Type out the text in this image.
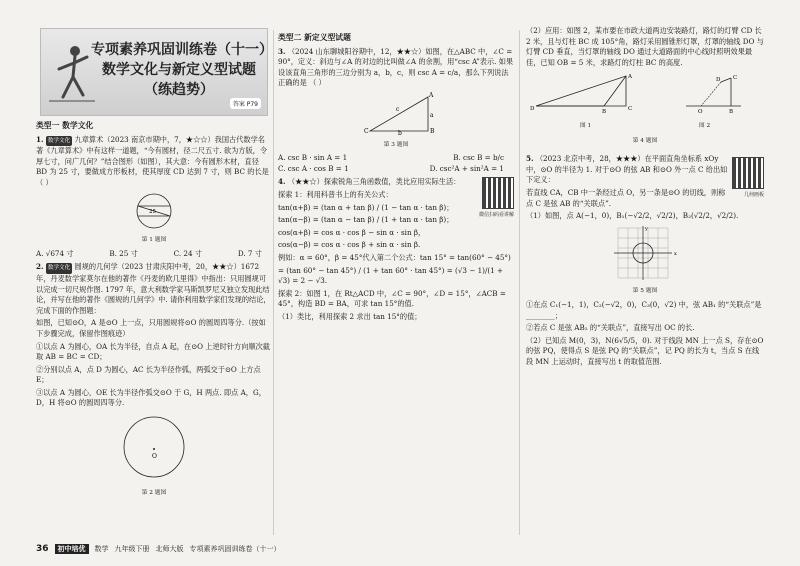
专项素养巩固训练卷（十一）
数学文化与新定义型试题
（练趋势）
答案 P79
类型一 数学文化

1. 数学文化 九章算术（2023 南京市期中，7，★☆☆）我国古代数学名著《九章算术》中有这样一道题，“今有圆材，径二尺五寸. 欲为方版，令厚七寸，问广几何？”结合图形（如图），其大意：今有圆形木材，直径 BD 为 25 寸，要做成方形板材，使其厚度 CD 达到 7 寸，则 BC 的长是 （ ）

25
第 1 题图
A. √674 寸	B. 25 寸	C. 24 寸	D. 7 寸

2. 数学文化 圆规的几何学（2023 甘肃庆阳中考，20，★★☆）1672 年，丹麦数学家莫尔在他的著作《丹麦的欧几里得》中指出：只用圆规可以完成一切尺规作图. 1797 年，意大利数学家马斯凯罗尼又独立发现此结论，并写在他的著作《圆规的几何学》中. 请你利用数学家们发现的结论，完成下面的作图题：

如图，已知⊙O，A 是⊙O 上一点，只用圆规将⊙O 的圆周四等分.（按如下步骤完成，保留作图痕迹）

①以点 A 为圆心，OA 长为半径，自点 A 起，在⊙O 上逆时针方向顺次截取 AB = BC = CD；

②分别以点 A，点 D 为圆心，AC 长为半径作弧，两弧交于⊙O 上方点 E；

③以点 A 为圆心，OE 长为半径作弧交⊙O 于 G，H 两点. 即点 A，G，D，H 将⊙O 的圆周四等分.

O
第 2 题图
类型二 新定义型试题

3. （2024 山东聊城阳谷期中，12，★★☆）如图，在△ABC 中，∠C = 90°，定义：斜边与∠A 的对边的比叫做∠A 的余割，用“csc A”表示. 如果设该直角三角形的三边分别为 a，b，c，则 csc A = c/a，那么下列说法正确的是 （ ）

C	B
A
c
a
b
第 3 题图
A. csc B · sin A = 1	B. csc B = b/c
C. csc A · cos B = 1	D. csc²A + sin²A = 1
微信扫码看讲解

4. （★★☆）探索锐角三角函数值，类比应用实际生活：

探索 1：利用科普书上的有关公式：

tan(α+β) = (tan α + tan β) / (1 − tan α · tan β)；

tan(α−β) = (tan α − tan β) / (1 + tan α · tan β)；

cos(α+β) = cos α · cos β − sin α · sin β，

cos(α−β) = cos α · cos β + sin α · sin β.

例如：α = 60°，β = 45°代入第二个公式：tan 15° = tan(60° − 45°)

= (tan 60° − tan 45°) / (1 + tan 60° · tan 45°) = (√3 − 1)/(1 + √3) = 2 − √3.

探索 2：如图 1，在 Rt△ACD 中，∠C = 90°，∠D = 15°，∠ACB = 45°，构造 BD = BA，可求 tan 15°的值.

（1）类比，利用探索 2 求出 tan 15°的值；

（2）应用：如图 2，某市要在市政大道两边安装路灯，路灯的灯臂 CD 长 2 米，且与灯柱 BC 成 105°角，路灯采用圆锥形灯罩，灯罩的轴线 DO 与灯臂 CD 垂直，当灯罩的轴线 DO 通过大道路面的中心线时照明效果最佳，已知 OB = 5 米，求路灯的灯柱 BC 的高度.

D	B	C
A
O	B
C
D
图 1	图 2
第 4 题图
几何画板

5. （2023 北京中考，28，★★★）在平面直角坐标系 xOy 中，⊙O 的半径为 1. 对于⊙O 的弦 AB 和⊙O 外一点 C 给出如下定义：

若直线 CA，CB 中一条经过点 O，另一条是⊙O 的切线，则称点 C 是弦 AB 的“关联点”.

（1）如图，点 A(−1，0)，B₁(−√2/2，√2/2)，B₂(√2/2，√2/2).

x
y
第 5 题图

①在点 C₁(−1，1)，C₂(−√2，0)，C₃(0，√2) 中，弦 AB₁ 的“关联点”是________；

②若点 C 是弦 AB₂ 的“关联点”，直接写出 OC 的长.

（2）已知点 M(0，3)，N(6√5/5，0). 对于线段 MN 上一点 S，存在⊙O 的弦 PQ，使得点 S 是弦 PQ 的“关联点”，记 PQ 的长为 t，当点 S 在线段 MN 上运动时，直接写出 t 的取值范围.

36	初中培优	数学 九年级下册 北师大版 专项素养巩固训练卷（十一）
